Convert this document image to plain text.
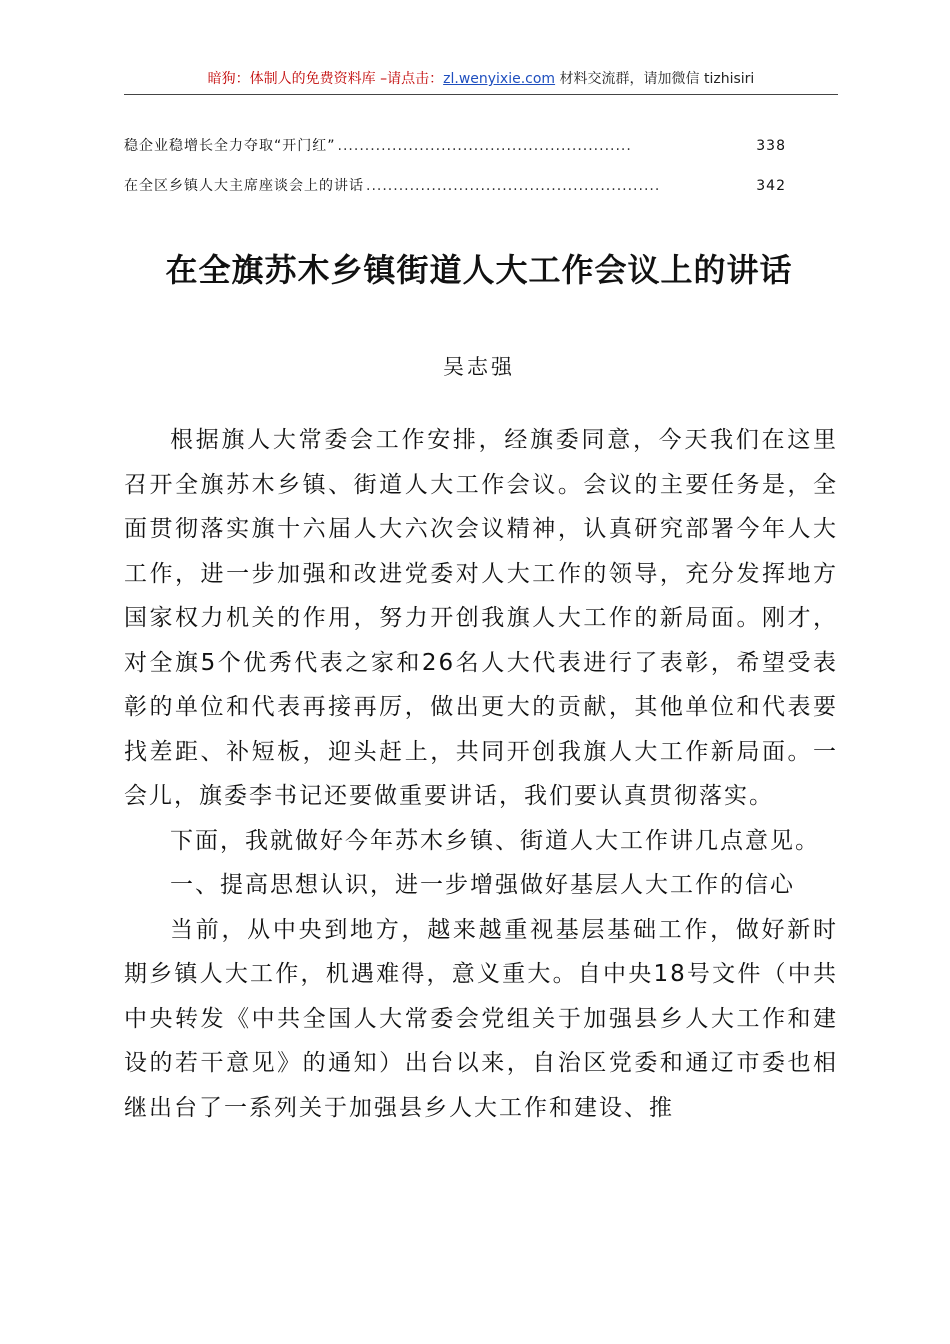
暗狗：体制人的免费资料库 –请点击：zl.wenyixie.com 材料交流群，请加微信 tizhisiri
稳企业稳增长全力夺取“开门红” ......................................................	338
在全区乡镇人大主席座谈会上的讲话 ......................................................	342
在全旗苏木乡镇街道人大工作会议上的讲话
吴志强

根据旗人大常委会工作安排，经旗委同意，今天我们在这里召开全旗苏木乡镇、街道人大工作会议。会议的主要任务是，全面贯彻落实旗十六届人大六次会议精神，认真研究部署今年人大工作，进一步加强和改进党委对人大工作的领导，充分发挥地方国家权力机关的作用，努力开创我旗人大工作的新局面。刚才，对全旗5个优秀代表之家和26名人大代表进行了表彰，希望受表彰的单位和代表再接再厉，做出更大的贡献，其他单位和代表要找差距、补短板，迎头赶上，共同开创我旗人大工作新局面。一会儿，旗委李书记还要做重要讲话，我们要认真贯彻落实。

下面，我就做好今年苏木乡镇、街道人大工作讲几点意见。

一、提高思想认识，进一步增强做好基层人大工作的信心

当前，从中央到地方，越来越重视基层基础工作，做好新时期乡镇人大工作，机遇难得，意义重大。自中央18号文件（中共中央转发《中共全国人大常委会党组关于加强县乡人大工作和建设的若干意见》的通知）出台以来，自治区党委和通辽市委也相继出台了一系列关于加强县乡人大工作和建设、推
